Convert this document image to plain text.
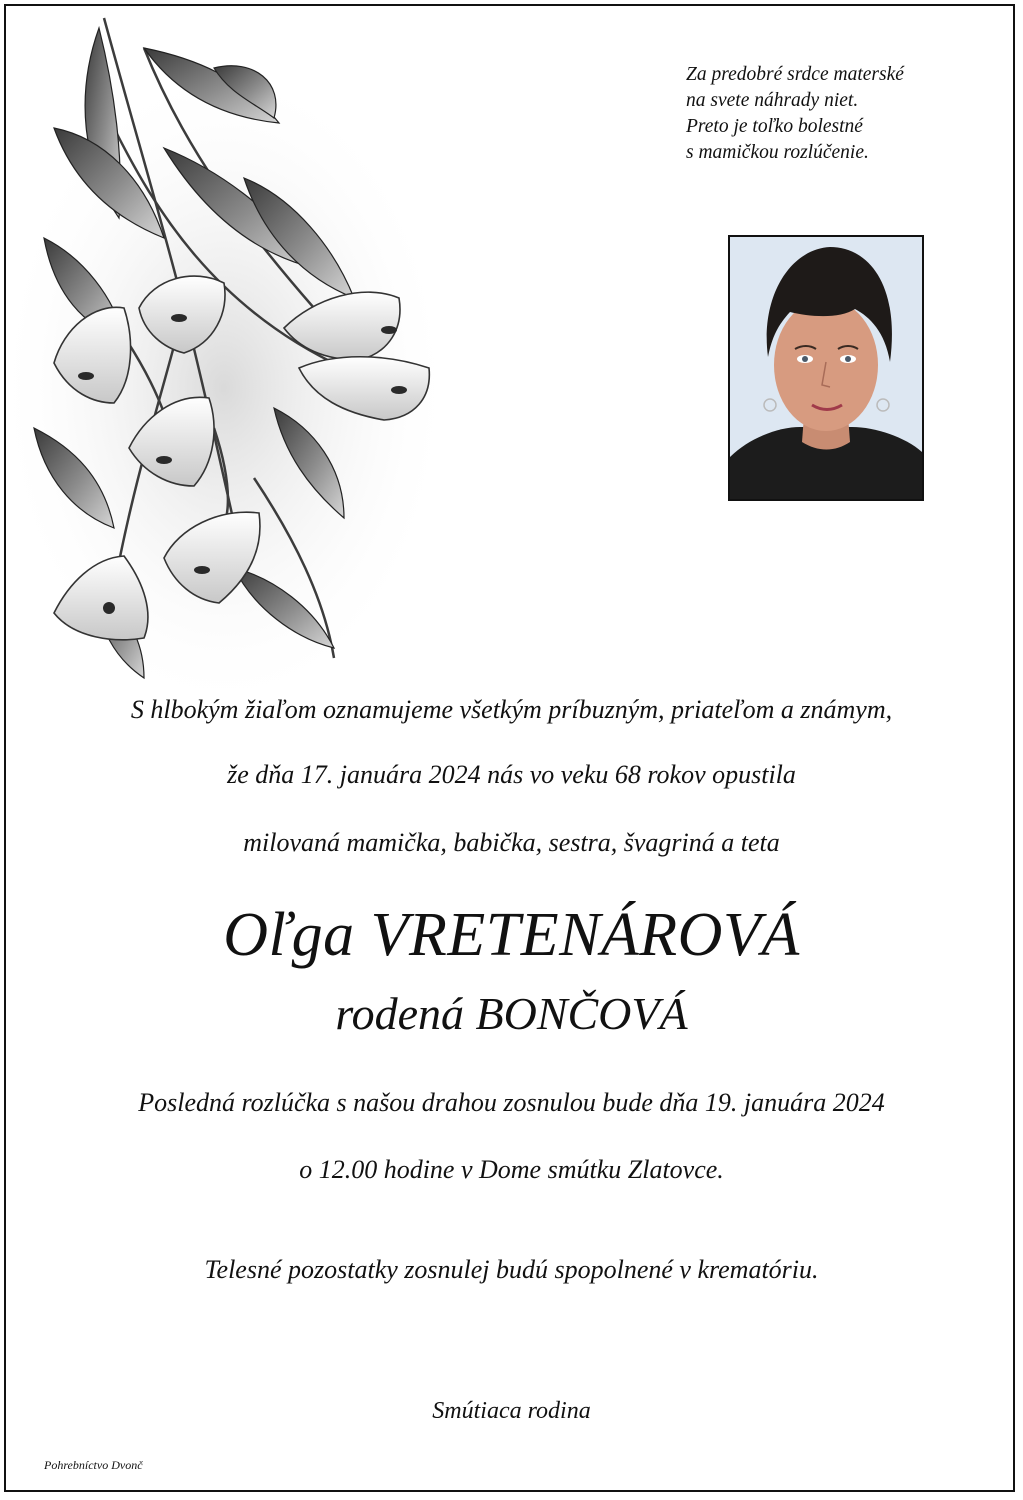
Za predobré srdce materské
na svete náhrady niet.
Preto je toľko bolestné
s mamičkou rozlúčenie.
S hlbokým žiaľom oznamujeme všetkým príbuzným, priateľom a známym,
že dňa 17. januára 2024 nás vo veku 68 rokov opustila
milovaná mamička, babička, sestra, švagriná a teta
Oľga VRETENÁROVÁ
rodená BONČOVÁ
Posledná rozlúčka s našou drahou zosnulou bude dňa 19. januára 2024
o 12.00 hodine v Dome smútku Zlatovce.
Telesné pozostatky zosnulej budú spopolnené v krematóriu.
Smútiaca rodina
Pohrebníctvo Dvonč
